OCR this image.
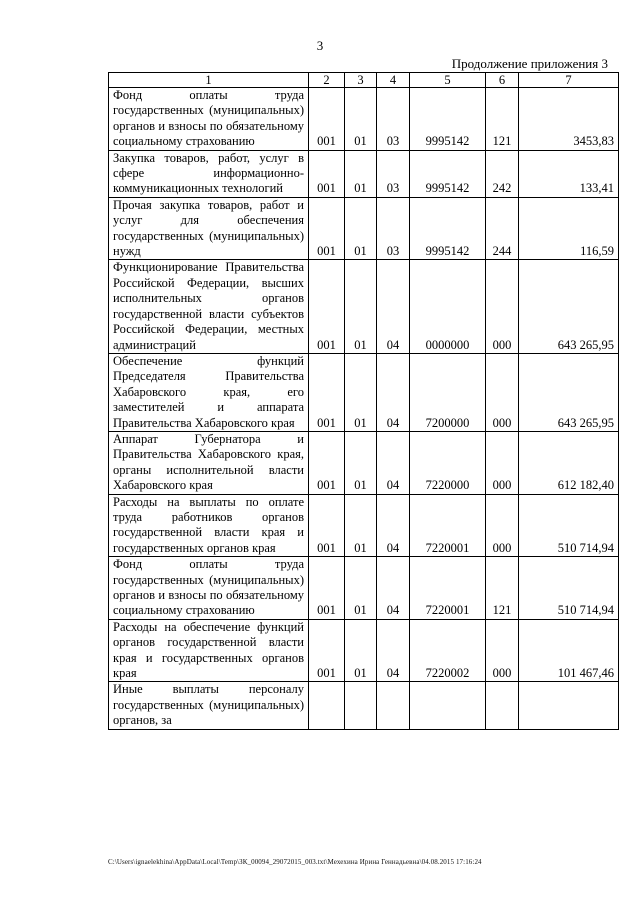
3
Продолжение приложения 3
1	2	3	4	5	6	7
Фонд оплаты труда государственных (муниципальных) органов и взносы по обязательному социальному страхованию	001	01	03	9995142	121	3453,83
Закупка товаров, работ, услуг в сфере информационно-коммуникационных технологий	001	01	03	9995142	242	133,41
Прочая закупка товаров, работ и услуг для обеспечения государственных (муниципальных) нужд	001	01	03	9995142	244	116,59
Функционирование Правительства Российской Федерации, высших исполнительных органов государственной власти субъектов Российской Федерации, местных администраций	001	01	04	0000000	000	643 265,95
Обеспечение функций Председателя Правительства Хабаровского края, его заместителей и аппарата Правительства Хабаровского края	001	01	04	7200000	000	643 265,95
Аппарат Губернатора и Правительства Хабаровского края, органы исполнительной власти Хабаровского края	001	01	04	7220000	000	612 182,40
Расходы на выплаты по оплате труда работников органов государственной власти края и государственных органов края	001	01	04	7220001	000	510 714,94
Фонд оплаты труда государственных (муниципальных) органов и взносы по обязательному социальному страхованию	001	01	04	7220001	121	510 714,94
Расходы на обеспечение функций органов государственной власти края и государственных органов края	001	01	04	7220002	000	101 467,46
Иные выплаты персоналу государственных (муниципальных) органов, за						
C:\Users\ignaelekhina\AppData\Local\Temp\ЗК_00094_29072015_003.txt\Мехехина Ирина Геннадьевна\04.08.2015 17:16:24
